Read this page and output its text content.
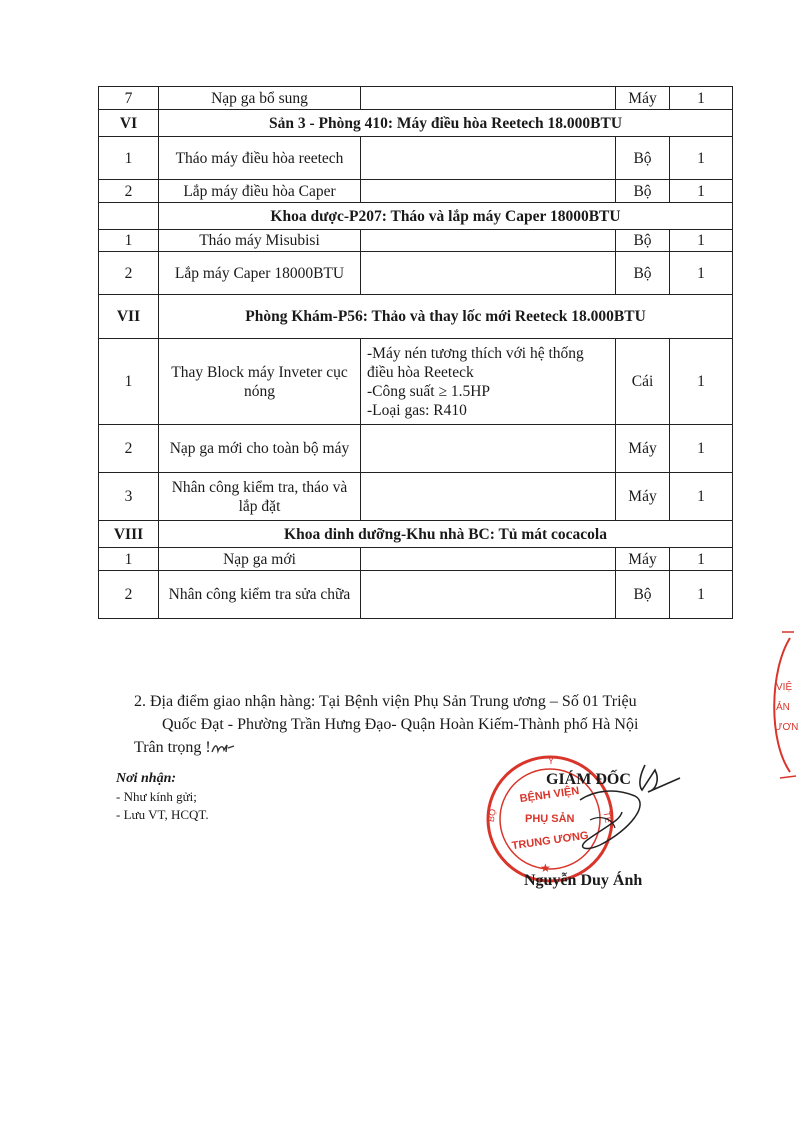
7	Nạp ga bổ sung		Máy	1
VI	Sản 3 - Phòng 410: Máy điều hòa Reetech 18.000BTU			
1	Tháo máy điều hòa reetech		Bộ	1
2	Lắp máy điều hòa Caper		Bộ	1
	Khoa dược-P207: Tháo và lắp máy Caper 18000BTU			
1	Tháo máy Misubisi		Bộ	1
2	Lắp máy Caper 18000BTU		Bộ	1
VII	Phòng Khám-P56: Thảo và thay lốc mới Reeteck 18.000BTU			
1	Thay Block máy Inveter cục nóng	-Máy nén tương thích với hệ thống điều hòa Reeteck
-Công suất ≥ 1.5HP
-Loại gas: R410	Cái	1
2	Nạp ga mới cho toàn bộ máy		Máy	1
3	Nhân công kiểm tra, tháo và lắp đặt		Máy	1
VIII	Khoa dinh dưỡng-Khu nhà BC: Tủ mát cocacola			
1	Nạp ga mới		Máy	1
2	Nhân công kiểm tra sửa chữa		Bộ	1
2. Địa điểm giao nhận hàng: Tại Bệnh viện Phụ Sản Trung ương – Số 01 Triệu
Quốc Đạt - Phường Trần Hưng Đạo- Quận Hoàn Kiếm-Thành phố Hà Nội
Trân trọng !
Nơi nhận:
- Như kính gửi;
- Lưu VT, HCQT.
Y
BỘ	TẾ
BỆNH VIỆN
PHỤ SẢN
TRUNG ƯƠNG
★
GIÁM ĐỐC
Nguyễn Duy Ánh
VIỆ
ẢN
ƯƠN
